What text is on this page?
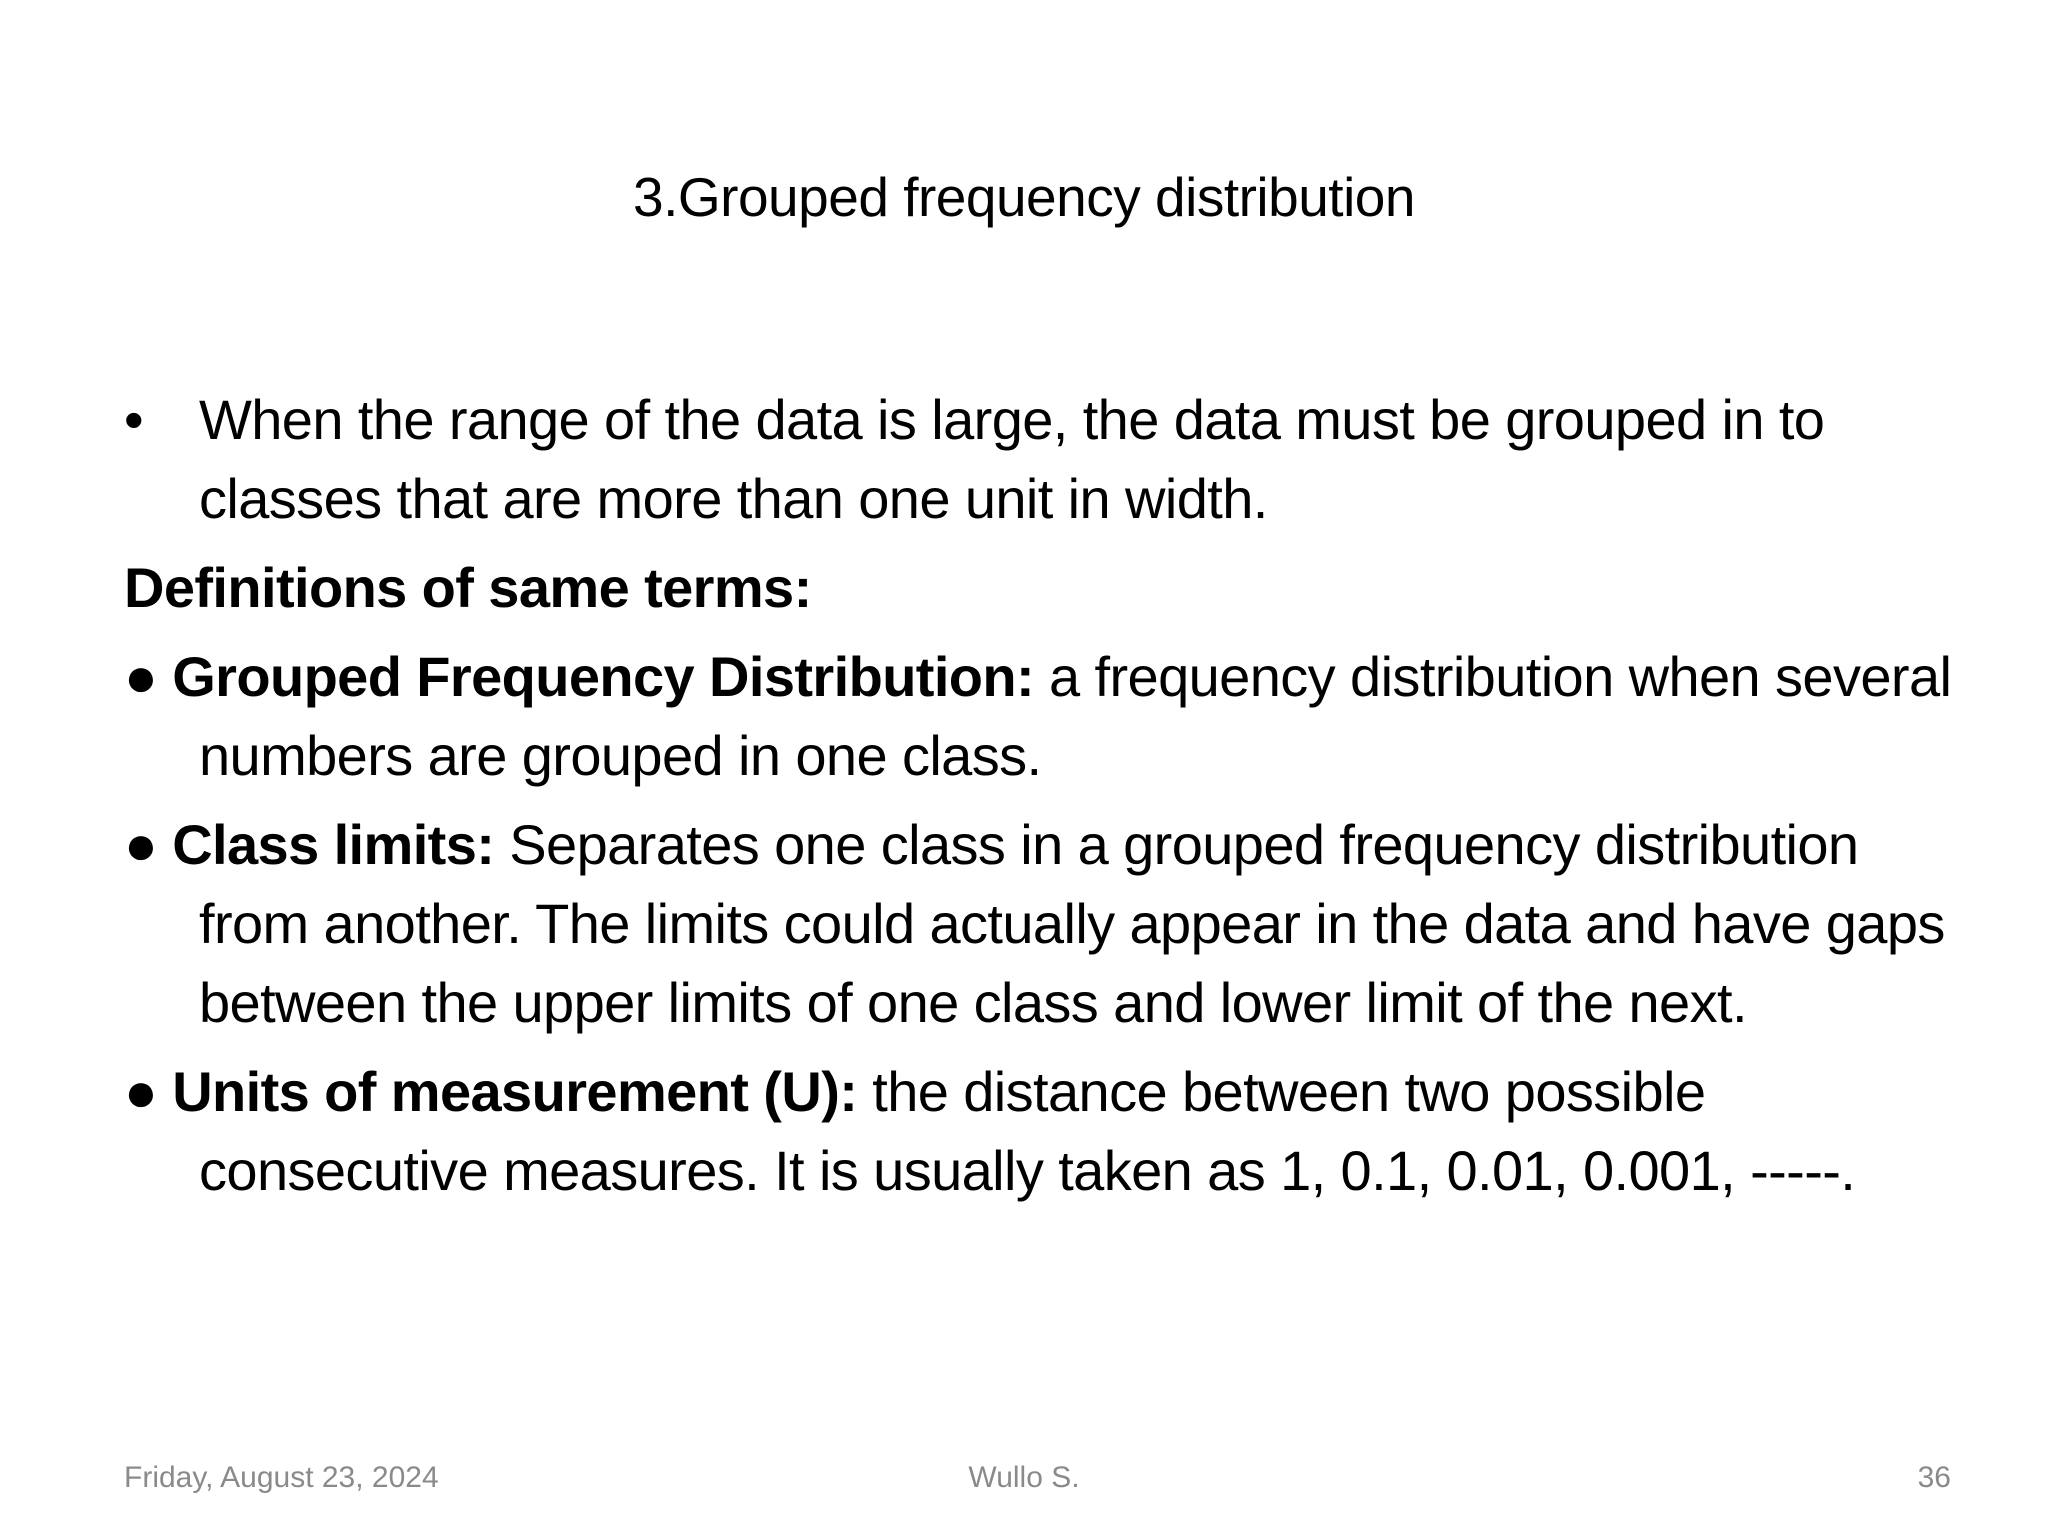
3.Grouped frequency distribution
• When the range of the data is large, the data must be grouped in to classes that are more than one unit in width.
Definitions of same terms:
● Grouped Frequency Distribution: a frequency distribution when several numbers are grouped in one class.
● Class limits: Separates one class in a grouped frequency distribution from another. The limits could actually appear in the data and have gaps between the upper limits of one class and lower limit of the next.
● Units of measurement (U): the distance between two possible consecutive measures. It is usually taken as 1, 0.1, 0.01, 0.001, -----.
Friday, August 23, 2024	Wullo S.	36
